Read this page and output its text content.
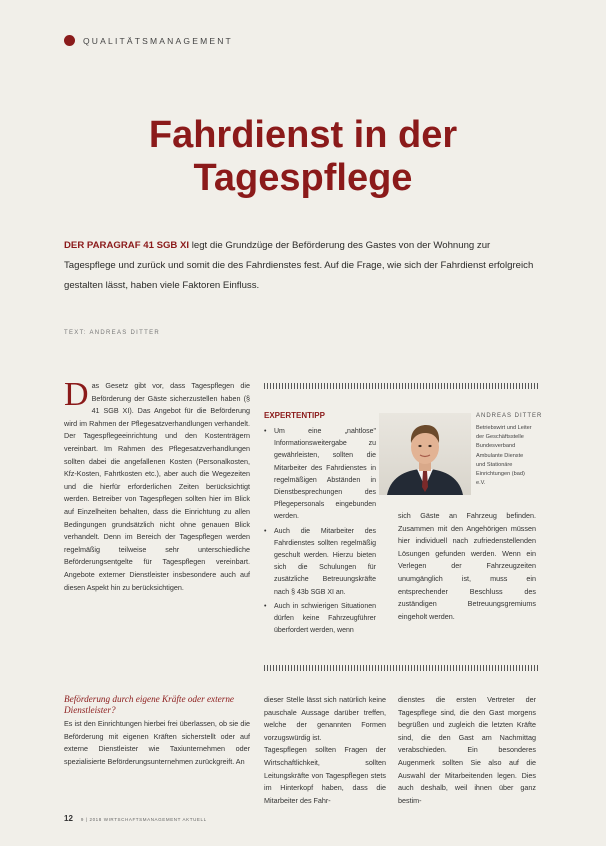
QUALITÄTSMANAGEMENT
Fahrdienst in der
Tagespflege

DER PARAGRAF 41 SGB XI legt die Grundzüge der Beförderung des Gastes von der Wohnung zur Tagespflege und zurück und somit die des Fahrdienstes fest. Auf die Frage, wie sich der Fahrdienst erfolgreich gestalten lässt, haben viele Faktoren Einfluss.

TEXT: ANDREAS DITTER
Das Gesetz gibt vor, dass Tagespflegen die Beförderung der Gäste sicherzustellen haben (§ 41 SGB XI). Das Angebot für die Beförderung wird im Rahmen der Pflegesatzverhandlungen verhandelt. Der Tagespflegeeinrichtung und den Kostenträgern vereinbart. Im Rahmen des Pflegesatzverhandlungen sollten dabei die angefallenen Kosten (Personalkosten, Kfz-Kosten, Fahrtkosten etc.), aber auch die Wegezeiten und die hierfür erforderlichen Zeiten berücksichtigt werden. Betreiber von Tagespflegen sollten hier im Blick auf Einzelheiten behalten, dass die Einrichtung zu allen Bedingungen grundsätzlich nicht ohne genauen Blick verhandelt. Denn im Bereich der Tagespflegen werden regelmäßig teilweise sehr unterschiedliche Beförderungsentgelte für Tagespflegen vereinbart. Angebote externer Dienstleister insbesondere auch auf diesen Aspekt hin zu berücksichtigen.
Beförderung durch eigene Kräfte oder externe Dienstleister?
Es ist den Einrichtungen hierbei frei überlassen, ob sie die Beförderung mit eigenen Kräften sicherstellt oder auf externe Dienstleister wie Taxiunternehmen oder spezialisierte Beförderungsunternehmen zurückgreift. An
EXPERTENTIPP
• Um eine „nahtlose" Informationsweitergabe zu gewährleisten, sollten die Mitarbeiter des Fahrdienstes in regelmäßigen Abständen in Dienstbesprechungen des Pflegepersonals eingebunden werden.
• Auch die Mitarbeiter des Fahrdienstes sollten regelmäßig geschult werden. Hierzu bieten sich die Schulungen für zusätzliche Betreuungskräfte nach § 43b SGB XI an.
• Auch in schwierigen Situationen dürfen keine Fahrzeugführer überfordert werden, wenn
ANDREAS DITTER
Betriebswirt und Leiter der Geschäftsstelle Bundesverband Ambulante Dienste und Stationäre Einrichtungen (bad) e.V.
sich Gäste an Fahrzeug befinden. Zusammen mit den Angehörigen müssen hier individuell nach zufriedenstellenden Lösungen gefunden werden. Wenn ein Verlegen der Fahrzeugzeiten unumgänglich ist, muss ein entsprechender Beschluss des zuständigen Betreuungsgremiums eingeholt werden.
dieser Stelle lässt sich natürlich keine pauschale Aussage darüber treffen, welche der genannten Formen vorzugswürdig ist.
Tagespflegen sollten Fragen der Wirtschaftlichkeit, sollten Leitungskräfte von Tagespflegen stets im Hinterkopf haben, dass die Mitarbeiter des Fahr-
dienstes die ersten Vertreter der Tagespflege sind, die den Gast morgens begrüßen und zugleich die letzten Kräfte sind, die den Gast am Nachmittag verabschieden. Ein besonderes Augenmerk sollten Sie also auf die Auswahl der Mitarbeitenden legen. Dies auch deshalb, weil ihnen über ganz bestim-
12 9 | 2018 WIRTSCHAFTSMANAGEMENT AKTUELL
